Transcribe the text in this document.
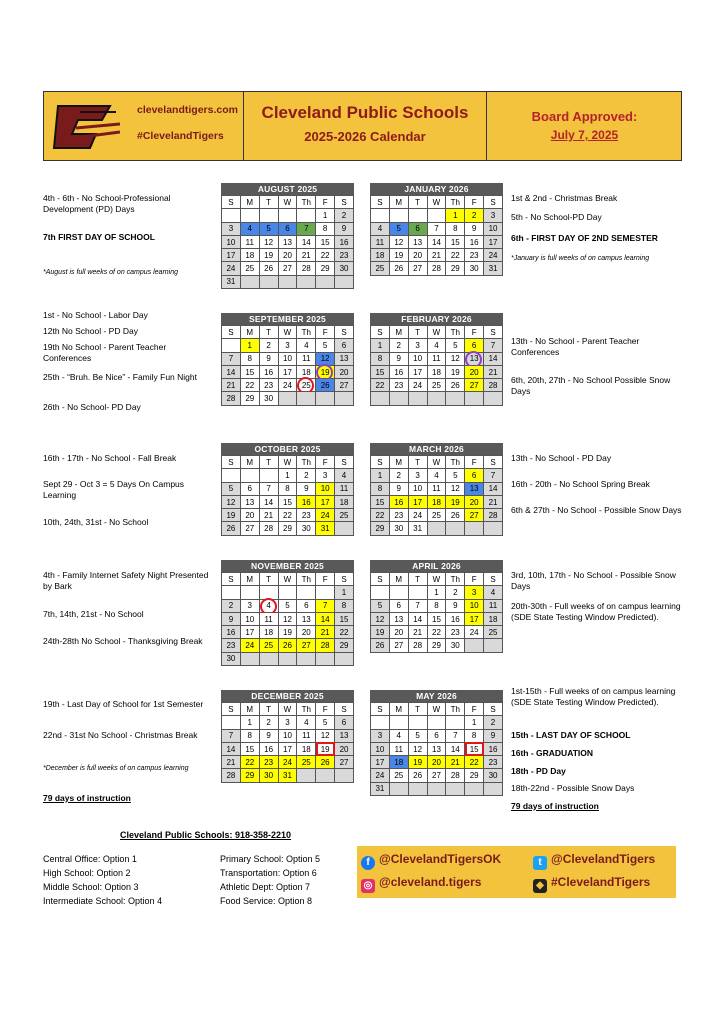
clevelandtigers.com
#ClevelandTigers
Cleveland Public Schools
2025-2026 Calendar
Board Approved:
July 7, 2025
4th - 6th - No School-Professional Development (PD) Days
7th FIRST DAY OF SCHOOL
*August is full weeks of on campus learning
1st - No School - Labor Day
12th No School - PD Day
19th No School - Parent Teacher Conferences
25th - “Bruh. Be Nice” - Family Fun Night
26th - No School- PD Day
16th - 17th - No School - Fall Break
Sept 29 - Oct 3 = 5 Days On Campus Learning
10th, 24th, 31st - No School
4th - Family Internet Safety Night Presented by Bark
7th, 14th, 21st - No School
24th-28th No School - Thanksgiving Break
19th - Last Day of School for 1st Semester
22nd - 31st No School - Christmas Break
*December is full weeks of on campus learning
79 days of instruction
1st & 2nd - Christmas Break
5th - No School-PD Day
6th - FIRST DAY OF 2ND SEMESTER
*January is full weeks of on campus learning
13th - No School - Parent Teacher Conferences
6th, 20th, 27th - No School Possible Snow Days
13th - No School - PD Day
16th - 20th - No School Spring Break
6th & 27th - No School - Possible Snow Days
3rd, 10th, 17th - No School - Possible Snow Days
20th-30th - Full weeks of on campus learning (SDE State Testing Window Predicted).
1st-15th - Full weeks of on campus learning (SDE State Testing Window Predicted).
15th - LAST DAY OF SCHOOL
16th - GRADUATION
18th - PD Day
18th-22nd - Possible Snow Days
79 days of instruction
AUGUST 2025
S	M	T	W	Th	F	S
					1	2
3	4	5	6	7	8	9
10	11	12	13	14	15	16
17	18	19	20	21	22	23
24	25	26	27	28	29	30
31						
JANUARY 2026
S	M	T	W	Th	F	S
				1	2	3
4	5	6	7	8	9	10
11	12	13	14	15	16	17
18	19	20	21	22	23	24
25	26	27	28	29	30	31
SEPTEMBER 2025
S	M	T	W	Th	F	S
	1	2	3	4	5	6
7	8	9	10	11	12	13
14	15	16	17	18	19	20
21	22	23	24	25	26	27
28	29	30				
FEBRUARY 2026
S	M	T	W	Th	F	S
1	2	3	4	5	6	7
8	9	10	11	12	13	14
15	16	17	18	19	20	21
22	23	24	25	26	27	28

OCTOBER 2025
S	M	T	W	Th	F	S
			1	2	3	4
5	6	7	8	9	10	11
12	13	14	15	16	17	18
19	20	21	22	23	24	25
26	27	28	29	30	31	
MARCH 2026
S	M	T	W	Th	F	S
1	2	3	4	5	6	7
8	9	10	11	12	13	14
15	16	17	18	19	20	21
22	23	24	25	26	27	28
29	30	31				
NOVEMBER 2025
S	M	T	W	Th	F	S
						1
2	3	4	5	6	7	8
9	10	11	12	13	14	15
16	17	18	19	20	21	22
23	24	25	26	27	28	29
30						
APRIL 2026
S	M	T	W	Th	F	S
			1	2	3	4
5	6	7	8	9	10	11
12	13	14	15	16	17	18
19	20	21	22	23	24	25
26	27	28	29	30		
DECEMBER 2025
S	M	T	W	Th	F	S
	1	2	3	4	5	6
7	8	9	10	11	12	13
14	15	16	17	18	19	20
21	22	23	24	25	26	27
28	29	30	31			
MAY 2026
S	M	T	W	Th	F	S
					1	2
3	4	5	6	7	8	9
10	11	12	13	14	15	16
17	18	19	20	21	22	23
24	25	26	27	28	29	30
31						
Cleveland Public Schools: 918-358-2210
Central Office: Option 1
High School: Option 2
Middle School: Option 3
Intermediate School: Option 4
Primary School: Option 5
Transportation: Option 6
Athletic Dept: Option 7
Food Service: Option 8
f @ClevelandTigersOK	t @ClevelandTigers
◎ @cleveland.tigers	◆ #ClevelandTigers
